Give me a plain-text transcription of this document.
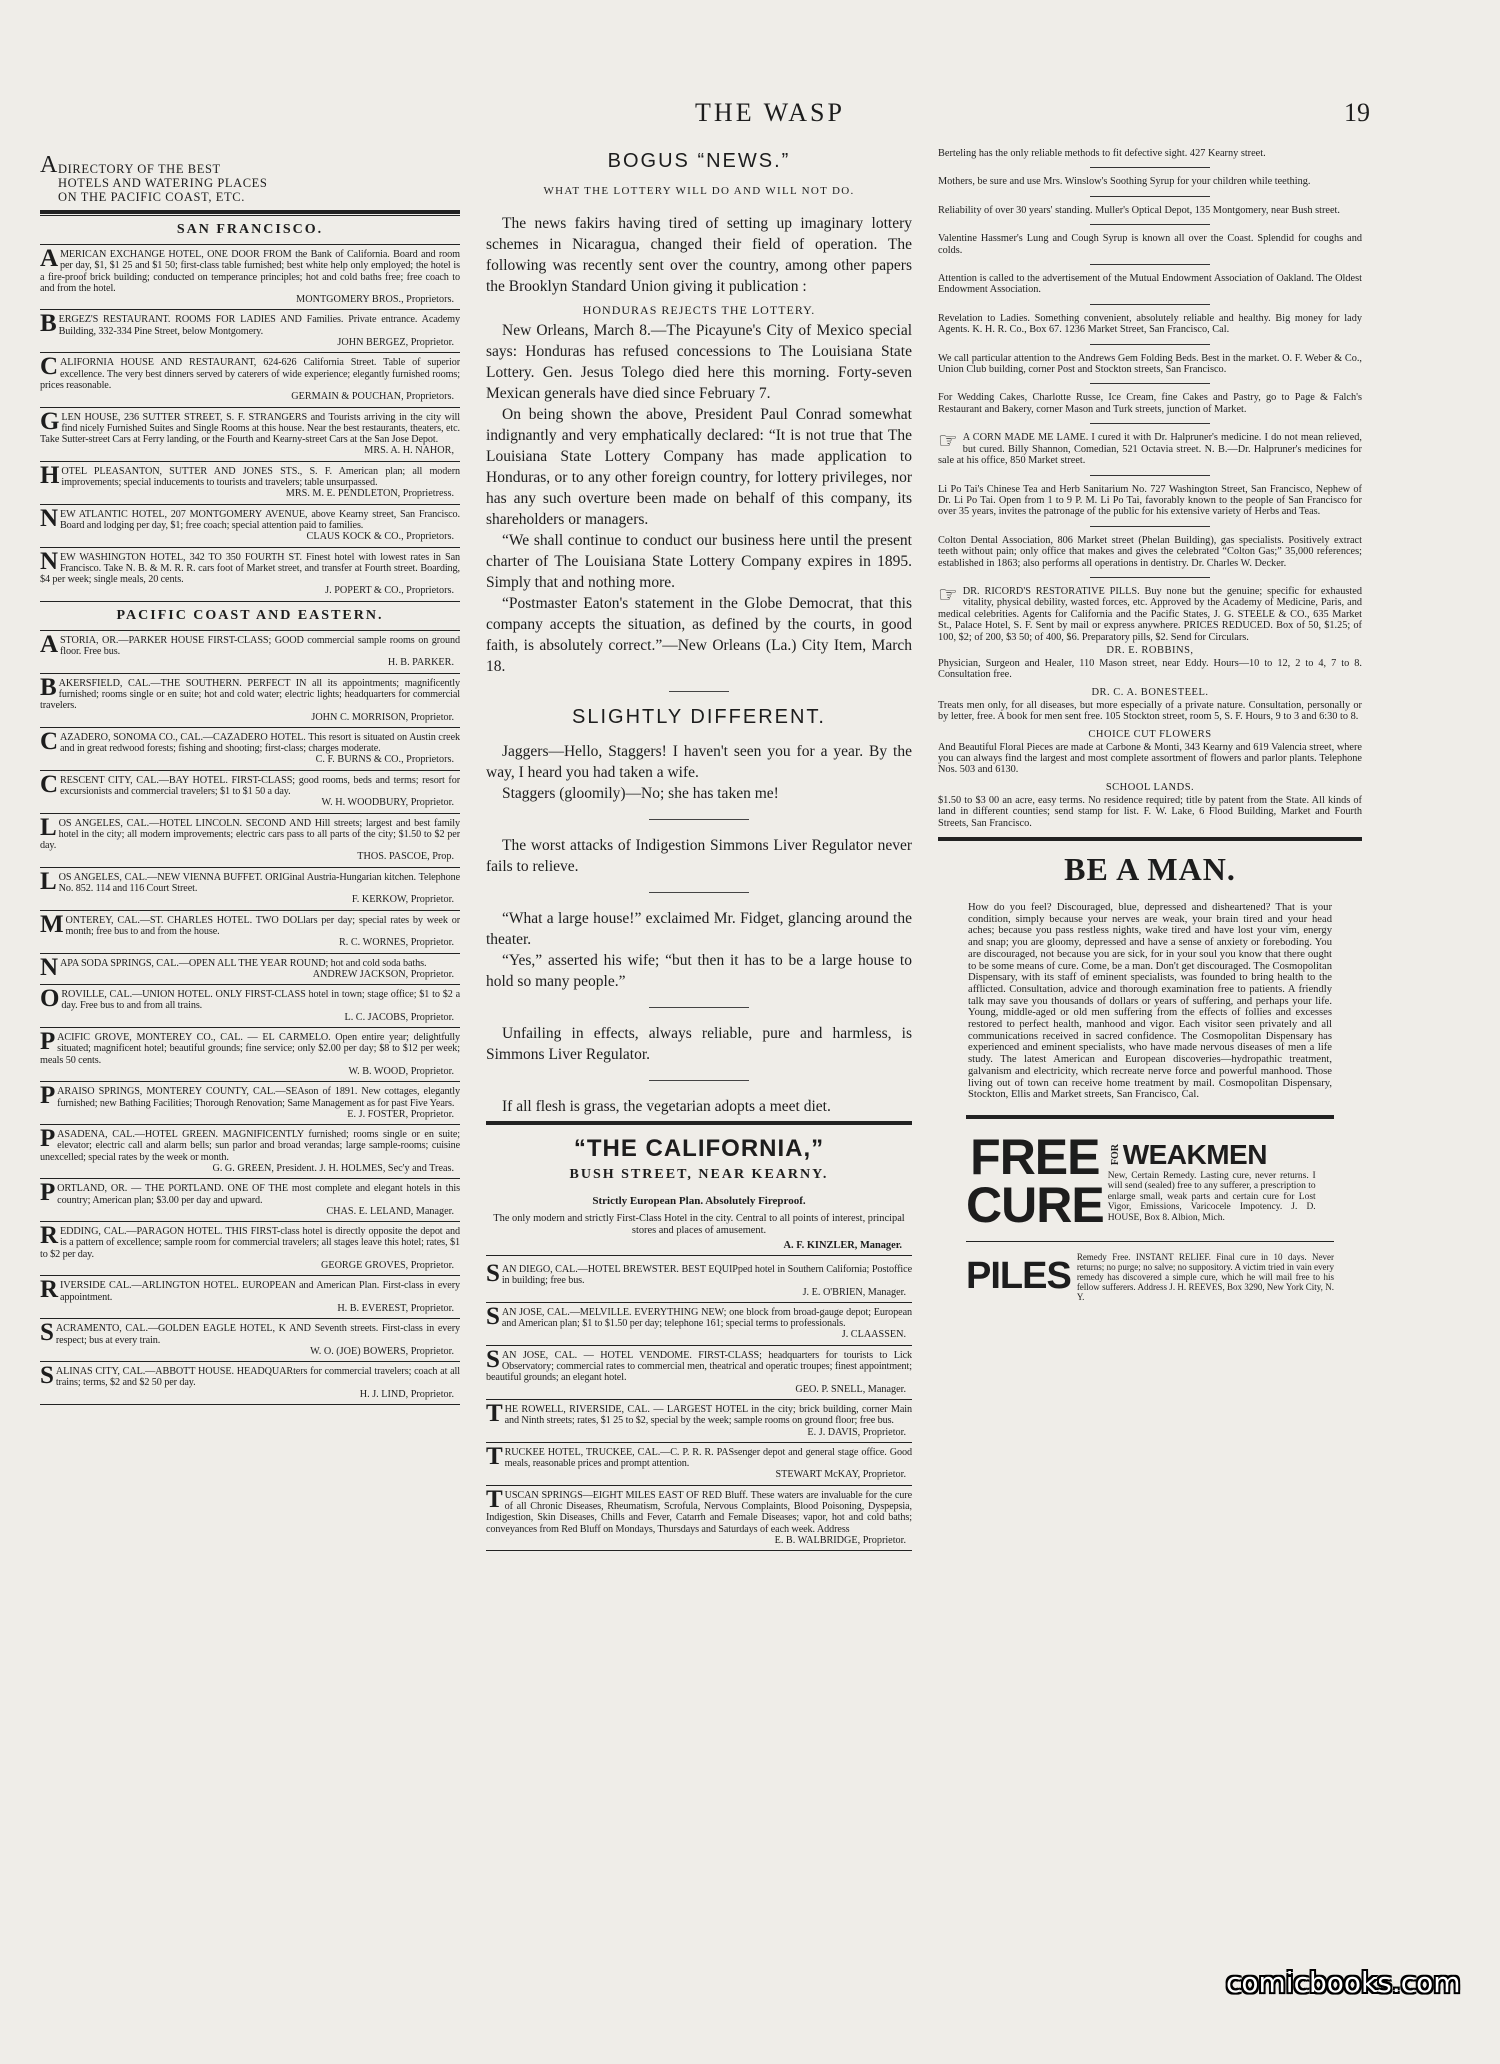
THE WASP	19

A DIRECTORY OF THE BEST
HOTELS AND WATERING PLACES
ON THE PACIFIC COAST, ETC.

SAN FRANCISCO.
AMERICAN EXCHANGE HOTEL, ONE DOOR FROM the Bank of California. Board and room per day, $1, $1 25 and $1 50; first-class table furnished; best white help only employed; the hotel is a fire-proof brick building; conducted on temperance principles; hot and cold baths free; free coach to and from the hotel.
MONTGOMERY BROS., Proprietors.
BERGEZ'S RESTAURANT. ROOMS FOR LADIES AND Families. Private entrance. Academy Building, 332-334 Pine Street, below Montgomery.
JOHN BERGEZ, Proprietor.
CALIFORNIA HOUSE AND RESTAURANT, 624-626 California Street. Table of superior excellence. The very best dinners served by caterers of wide experience; elegantly furnished rooms; prices reasonable.
GERMAIN & POUCHAN, Proprietors.
GLEN HOUSE, 236 SUTTER STREET, S. F. STRANGERS and Tourists arriving in the city will find nicely Furnished Suites and Single Rooms at this house. Near the best restaurants, theaters, etc. Take Sutter-street Cars at Ferry landing, or the Fourth and Kearny-street Cars at the San Jose Depot.
MRS. A. H. NAHOR,
HOTEL PLEASANTON, SUTTER AND JONES STS., S. F. American plan; all modern improvements; special inducements to tourists and travelers; table unsurpassed.
MRS. M. E. PENDLETON, Proprietress.
NEW ATLANTIC HOTEL, 207 MONTGOMERY AVENUE, above Kearny street, San Francisco. Board and lodging per day, $1; free coach; special attention paid to families.
CLAUS KOCK & CO., Proprietors.
NEW WASHINGTON HOTEL, 342 TO 350 FOURTH ST. Finest hotel with lowest rates in San Francisco. Take N. B. & M. R. R. cars foot of Market street, and transfer at Fourth street. Boarding, $4 per week; single meals, 20 cents.
J. POPERT & CO., Proprietors.
PACIFIC COAST AND EASTERN.
ASTORIA, OR.—PARKER HOUSE FIRST-CLASS; GOOD commercial sample rooms on ground floor. Free bus.
H. B. PARKER.
BAKERSFIELD, CAL.—THE SOUTHERN. PERFECT IN all its appointments; magnificently furnished; rooms single or en suite; hot and cold water; electric lights; headquarters for commercial travelers.
JOHN C. MORRISON, Proprietor.
CAZADERO, SONOMA CO., CAL.—CAZADERO HOTEL. This resort is situated on Austin creek and in great redwood forests; fishing and shooting; first-class; charges moderate.
C. F. BURNS & CO., Proprietors.
CRESCENT CITY, CAL.—BAY HOTEL. FIRST-CLASS; good rooms, beds and terms; resort for excursionists and commercial travelers; $1 to $1 50 a day.
W. H. WOODBURY, Proprietor.
LOS ANGELES, CAL.—HOTEL LINCOLN. SECOND AND Hill streets; largest and best family hotel in the city; all modern improvements; electric cars pass to all parts of the city; $1.50 to $2 per day.
THOS. PASCOE, Prop.
LOS ANGELES, CAL.—NEW VIENNA BUFFET. ORIGinal Austria-Hungarian kitchen. Telephone No. 852. 114 and 116 Court Street.
F. KERKOW, Proprietor.
MONTEREY, CAL.—ST. CHARLES HOTEL. TWO DOLlars per day; special rates by week or month; free bus to and from the house.
R. C. WORNES, Proprietor.
NAPA SODA SPRINGS, CAL.—OPEN ALL THE YEAR ROUND; hot and cold soda baths.
ANDREW JACKSON, Proprietor.
OROVILLE, CAL.—UNION HOTEL. ONLY FIRST-CLASS hotel in town; stage office; $1 to $2 a day. Free bus to and from all trains.
L. C. JACOBS, Proprietor.
PACIFIC GROVE, MONTEREY CO., CAL. — EL CARMELO. Open entire year; delightfully situated; magnificent hotel; beautiful grounds; fine service; only $2.00 per day; $8 to $12 per week; meals 50 cents.
W. B. WOOD, Proprietor.
PARAISO SPRINGS, MONTEREY COUNTY, CAL.—SEAson of 1891. New cottages, elegantly furnished; new Bathing Facilities; Thorough Renovation; Same Management as for past Five Years.
E. J. FOSTER, Proprietor.
PASADENA, CAL.—HOTEL GREEN. MAGNIFICENTLY furnished; rooms single or en suite; elevator; electric call and alarm bells; sun parlor and broad verandas; large sample-rooms; cuisine unexcelled; special rates by the week or month.
G. G. GREEN, President. J. H. HOLMES, Sec'y and Treas.
PORTLAND, OR. — THE PORTLAND. ONE OF THE most complete and elegant hotels in this country; American plan; $3.00 per day and upward.
CHAS. E. LELAND, Manager.
REDDING, CAL.—PARAGON HOTEL. THIS FIRST-class hotel is directly opposite the depot and is a pattern of excellence; sample room for commercial travelers; all stages leave this hotel; rates, $1 to $2 per day.
GEORGE GROVES, Proprietor.
RIVERSIDE CAL.—ARLINGTON HOTEL. EUROPEAN and American Plan. First-class in every appointment.
H. B. EVEREST, Proprietor.
SACRAMENTO, CAL.—GOLDEN EAGLE HOTEL, K AND Seventh streets. First-class in every respect; bus at every train.
W. O. (JOE) BOWERS, Proprietor.
SALINAS CITY, CAL.—ABBOTT HOUSE. HEADQUARters for commercial travelers; coach at all trains; terms, $2 and $2 50 per day.
H. J. LIND, Proprietor.
BOGUS “NEWS.”
WHAT THE LOTTERY WILL DO AND WILL NOT DO.

The news fakirs having tired of setting up imaginary lottery schemes in Nicaragua, changed their field of operation. The following was recently sent over the country, among other papers the Brooklyn Standard Union giving it publication :

HONDURAS REJECTS THE LOTTERY.

New Orleans, March 8.—The Picayune's City of Mexico special says: Honduras has refused concessions to The Louisiana State Lottery. Gen. Jesus Tolego died here this morning. Forty-seven Mexican generals have died since February 7.

On being shown the above, President Paul Conrad somewhat indignantly and very emphatically declared: “It is not true that The Louisiana State Lottery Company has made application to Honduras, or to any other foreign country, for lottery privileges, nor has any such overture been made on behalf of this company, its shareholders or managers.

“We shall continue to conduct our business here until the present charter of The Louisiana State Lottery Company expires in 1895. Simply that and nothing more.

“Postmaster Eaton's statement in the Globe Democrat, that this company accepts the situation, as defined by the courts, in good faith, is absolutely correct.”—New Orleans (La.) City Item, March 18.

SLIGHTLY DIFFERENT.

Jaggers—Hello, Staggers! I haven't seen you for a year. By the way, I heard you had taken a wife.

Staggers (gloomily)—No; she has taken me!

The worst attacks of Indigestion Simmons Liver Regulator never fails to relieve.

“What a large house!” exclaimed Mr. Fidget, glancing around the theater.

“Yes,” asserted his wife; “but then it has to be a large house to hold so many people.”

Unfailing in effects, always reliable, pure and harmless, is Simmons Liver Regulator.

If all flesh is grass, the vegetarian adopts a meet diet.

“THE CALIFORNIA,”
BUSH STREET, NEAR KEARNY.
Strictly European Plan. Absolutely Fireproof.
The only modern and strictly First-Class Hotel in the city. Central to all points of interest, principal stores and places of amusement.
A. F. KINZLER, Manager.
SAN DIEGO, CAL.—HOTEL BREWSTER. BEST EQUIPped hotel in Southern California; Postoffice in building; free bus.
J. E. O'BRIEN, Manager.
SAN JOSE, CAL.—MELVILLE. EVERYTHING NEW; one block from broad-gauge depot; European and American plan; $1 to $1.50 per day; telephone 161; special terms to professionals.
J. CLAASSEN.
SAN JOSE, CAL. — HOTEL VENDOME. FIRST-CLASS; headquarters for tourists to Lick Observatory; commercial rates to commercial men, theatrical and operatic troupes; finest appointment; beautiful grounds; an elegant hotel.
GEO. P. SNELL, Manager.
THE ROWELL, RIVERSIDE, CAL. — LARGEST HOTEL in the city; brick building, corner Main and Ninth streets; rates, $1 25 to $2, special by the week; sample rooms on ground floor; free bus.
E. J. DAVIS, Proprietor.
TRUCKEE HOTEL, TRUCKEE, CAL.—C. P. R. R. PASsenger depot and general stage office. Good meals, reasonable prices and prompt attention.
STEWART McKAY, Proprietor.
TUSCAN SPRINGS—EIGHT MILES EAST OF RED Bluff. These waters are invaluable for the cure of all Chronic Diseases, Rheumatism, Scrofula, Nervous Complaints, Blood Poisoning, Dyspepsia, Indigestion, Skin Diseases, Chills and Fever, Catarrh and Female Diseases; vapor, hot and cold baths; conveyances from Red Bluff on Mondays, Thursdays and Saturdays of each week. Address
E. B. WALBRIDGE, Proprietor.

Berteling has the only reliable methods to fit defective sight. 427 Kearny street.

Mothers, be sure and use Mrs. Winslow's Soothing Syrup for your children while teething.

Reliability of over 30 years' standing. Muller's Optical Depot, 135 Montgomery, near Bush street.

Valentine Hassmer's Lung and Cough Syrup is known all over the Coast. Splendid for coughs and colds.

Attention is called to the advertisement of the Mutual Endowment Association of Oakland. The Oldest Endowment Association.

Revelation to Ladies. Something convenient, absolutely reliable and healthy. Big money for lady Agents. K. H. R. Co., Box 67. 1236 Market Street, San Francisco, Cal.

We call particular attention to the Andrews Gem Folding Beds. Best in the market. O. F. Weber & Co., Union Club building, corner Post and Stockton streets, San Francisco.

For Wedding Cakes, Charlotte Russe, Ice Cream, fine Cakes and Pastry, go to Page & Falch's Restaurant and Bakery, corner Mason and Turk streets, junction of Market.

☞ A CORN MADE ME LAME. I cured it with Dr. Halpruner's medicine. I do not mean relieved, but cured. Billy Shannon, Comedian, 521 Octavia street. N. B.—Dr. Halpruner's medicines for sale at his office, 850 Market street.

Li Po Tai's Chinese Tea and Herb Sanitarium No. 727 Washington Street, San Francisco, Nephew of Dr. Li Po Tai. Open from 1 to 9 P. M. Li Po Tai, favorably known to the people of San Francisco for over 35 years, invites the patronage of the public for his extensive variety of Herbs and Teas.

Colton Dental Association, 806 Market street (Phelan Building), gas specialists. Positively extract teeth without pain; only office that makes and gives the celebrated “Colton Gas;” 35,000 references; established in 1863; also performs all operations in dentistry. Dr. Charles W. Decker.

☞ DR. RICORD'S RESTORATIVE PILLS. Buy none but the genuine; specific for exhausted vitality, physical debility, wasted forces, etc. Approved by the Academy of Medicine, Paris, and medical celebrities. Agents for California and the Pacific States, J. G. STEELE & CO., 635 Market St., Palace Hotel, S. F. Sent by mail or express anywhere. PRICES REDUCED. Box of 50, $1.25; of 100, $2; of 200, $3 50; of 400, $6. Preparatory pills, $2. Send for Circulars.

DR. E. ROBBINS,

Physician, Surgeon and Healer, 110 Mason street, near Eddy. Hours—10 to 12, 2 to 4, 7 to 8. Consultation free.

DR. C. A. BONESTEEL.

Treats men only, for all diseases, but more especially of a private nature. Consultation, personally or by letter, free. A book for men sent free. 105 Stockton street, room 5, S. F. Hours, 9 to 3 and 6:30 to 8.

CHOICE CUT FLOWERS

And Beautiful Floral Pieces are made at Carbone & Monti, 343 Kearny and 619 Valencia street, where you can always find the largest and most complete assortment of flowers and parlor plants. Telephone Nos. 503 and 6130.

SCHOOL LANDS.

$1.50 to $3 00 an acre, easy terms. No residence required; title by patent from the State. All kinds of land in different counties; send stamp for list. F. W. Lake, 6 Flood Building, Market and Fourth Streets, San Francisco.

BE A MAN.

How do you feel? Discouraged, blue, depressed and disheartened? That is your condition, simply because your nerves are weak, your brain tired and your head aches; because you pass restless nights, wake tired and have lost your vim, energy and snap; you are gloomy, depressed and have a sense of anxiety or foreboding. You are discouraged, not because you are sick, for in your soul you know that there ought to be some means of cure. Come, be a man. Don't get discouraged. The Cosmopolitan Dispensary, with its staff of eminent specialists, was founded to bring health to the afflicted. Consultation, advice and thorough examination free to patients. A friendly talk may save you thousands of dollars or years of suffering, and perhaps your life. Young, middle-aged or old men suffering from the effects of follies and excesses restored to perfect health, manhood and vigor. Each visitor seen privately and all communications received in sacred confidence. The Cosmopolitan Dispensary has experienced and eminent specialists, who have made nervous diseases of men a life study. The latest American and European discoveries—hydropathic treatment, galvanism and electricity, which recreate nerve force and powerful manhood. Those living out of town can receive home treatment by mail. Cosmopolitan Dispensary, Stockton, Ellis and Market streets, San Francisco, Cal.

FREE
CURE
FOR WEAKMEN
New, Certain Remedy. Lasting cure, never returns. I will send (sealed) free to any sufferer, a prescription to enlarge small, weak parts and certain cure for Lost Vigor, Emissions, Varicocele Impotency. J. D. HOUSE, Box 8. Albion, Mich.
PILES Remedy Free. INSTANT RELIEF. Final cure in 10 days. Never returns; no purge; no salve; no suppository. A victim tried in vain every remedy has discovered a simple cure, which he will mail free to his fellow sufferers. Address J. H. REEVES, Box 3290, New York City, N. Y.
comicbooks.com
